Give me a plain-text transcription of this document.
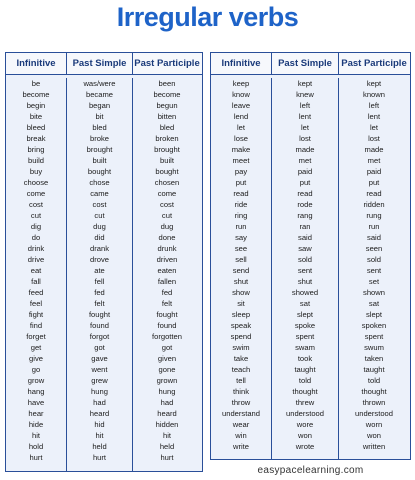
Irregular verbs
Infinitive	Past Simple Past Participle
be
become
begin
bite
bleed
break
bring
build
buy
choose
come
cost
cut
dig
do
drink
drive
eat
fall
feed
feel
fight
find
forget
get
give
go
grow
hang
have
hear
hide
hit
hold
hurt
was/were
became
began
bit
bled
broke
brought
built
bought
chose
came
cost
cut
dug
did
drank
drove
ate
fell
fed
felt
fought
found
forgot
got
gave
went
grew
hung
had
heard
hid
hit
held
hurt
been
become
begun
bitten
bled
broken
brought
built
bought
chosen
come
cost
cut
dug
done
drunk
driven
eaten
fallen
fed
felt
fought
found
forgotten
got
given
gone
grown
hung
had
heard
hidden
hit
held
hurt
Infinitive	Past Simple Past Participle
keep
know
leave
lend
let
lose
make
meet
pay
put
read
ride
ring
run
say
see
sell
send
shut
show
sit
sleep
speak
spend
swim
take
teach
tell
think
throw
understand
wear
win
write
kept
knew
left
lent
let
lost
made
met
paid
put
read
rode
rang
ran
said
saw
sold
sent
shut
showed
sat
slept
spoke
spent
swam
took
taught
told
thought
threw
understood
wore
won
wrote
kept
known
left
lent
let
lost
made
met
paid
put
read
ridden
rung
run
said
seen
sold
sent
set
shown
sat
slept
spoken
spent
swum
taken
taught
told
thought
thrown
understood
worn
won
written
easypacelearning.com
